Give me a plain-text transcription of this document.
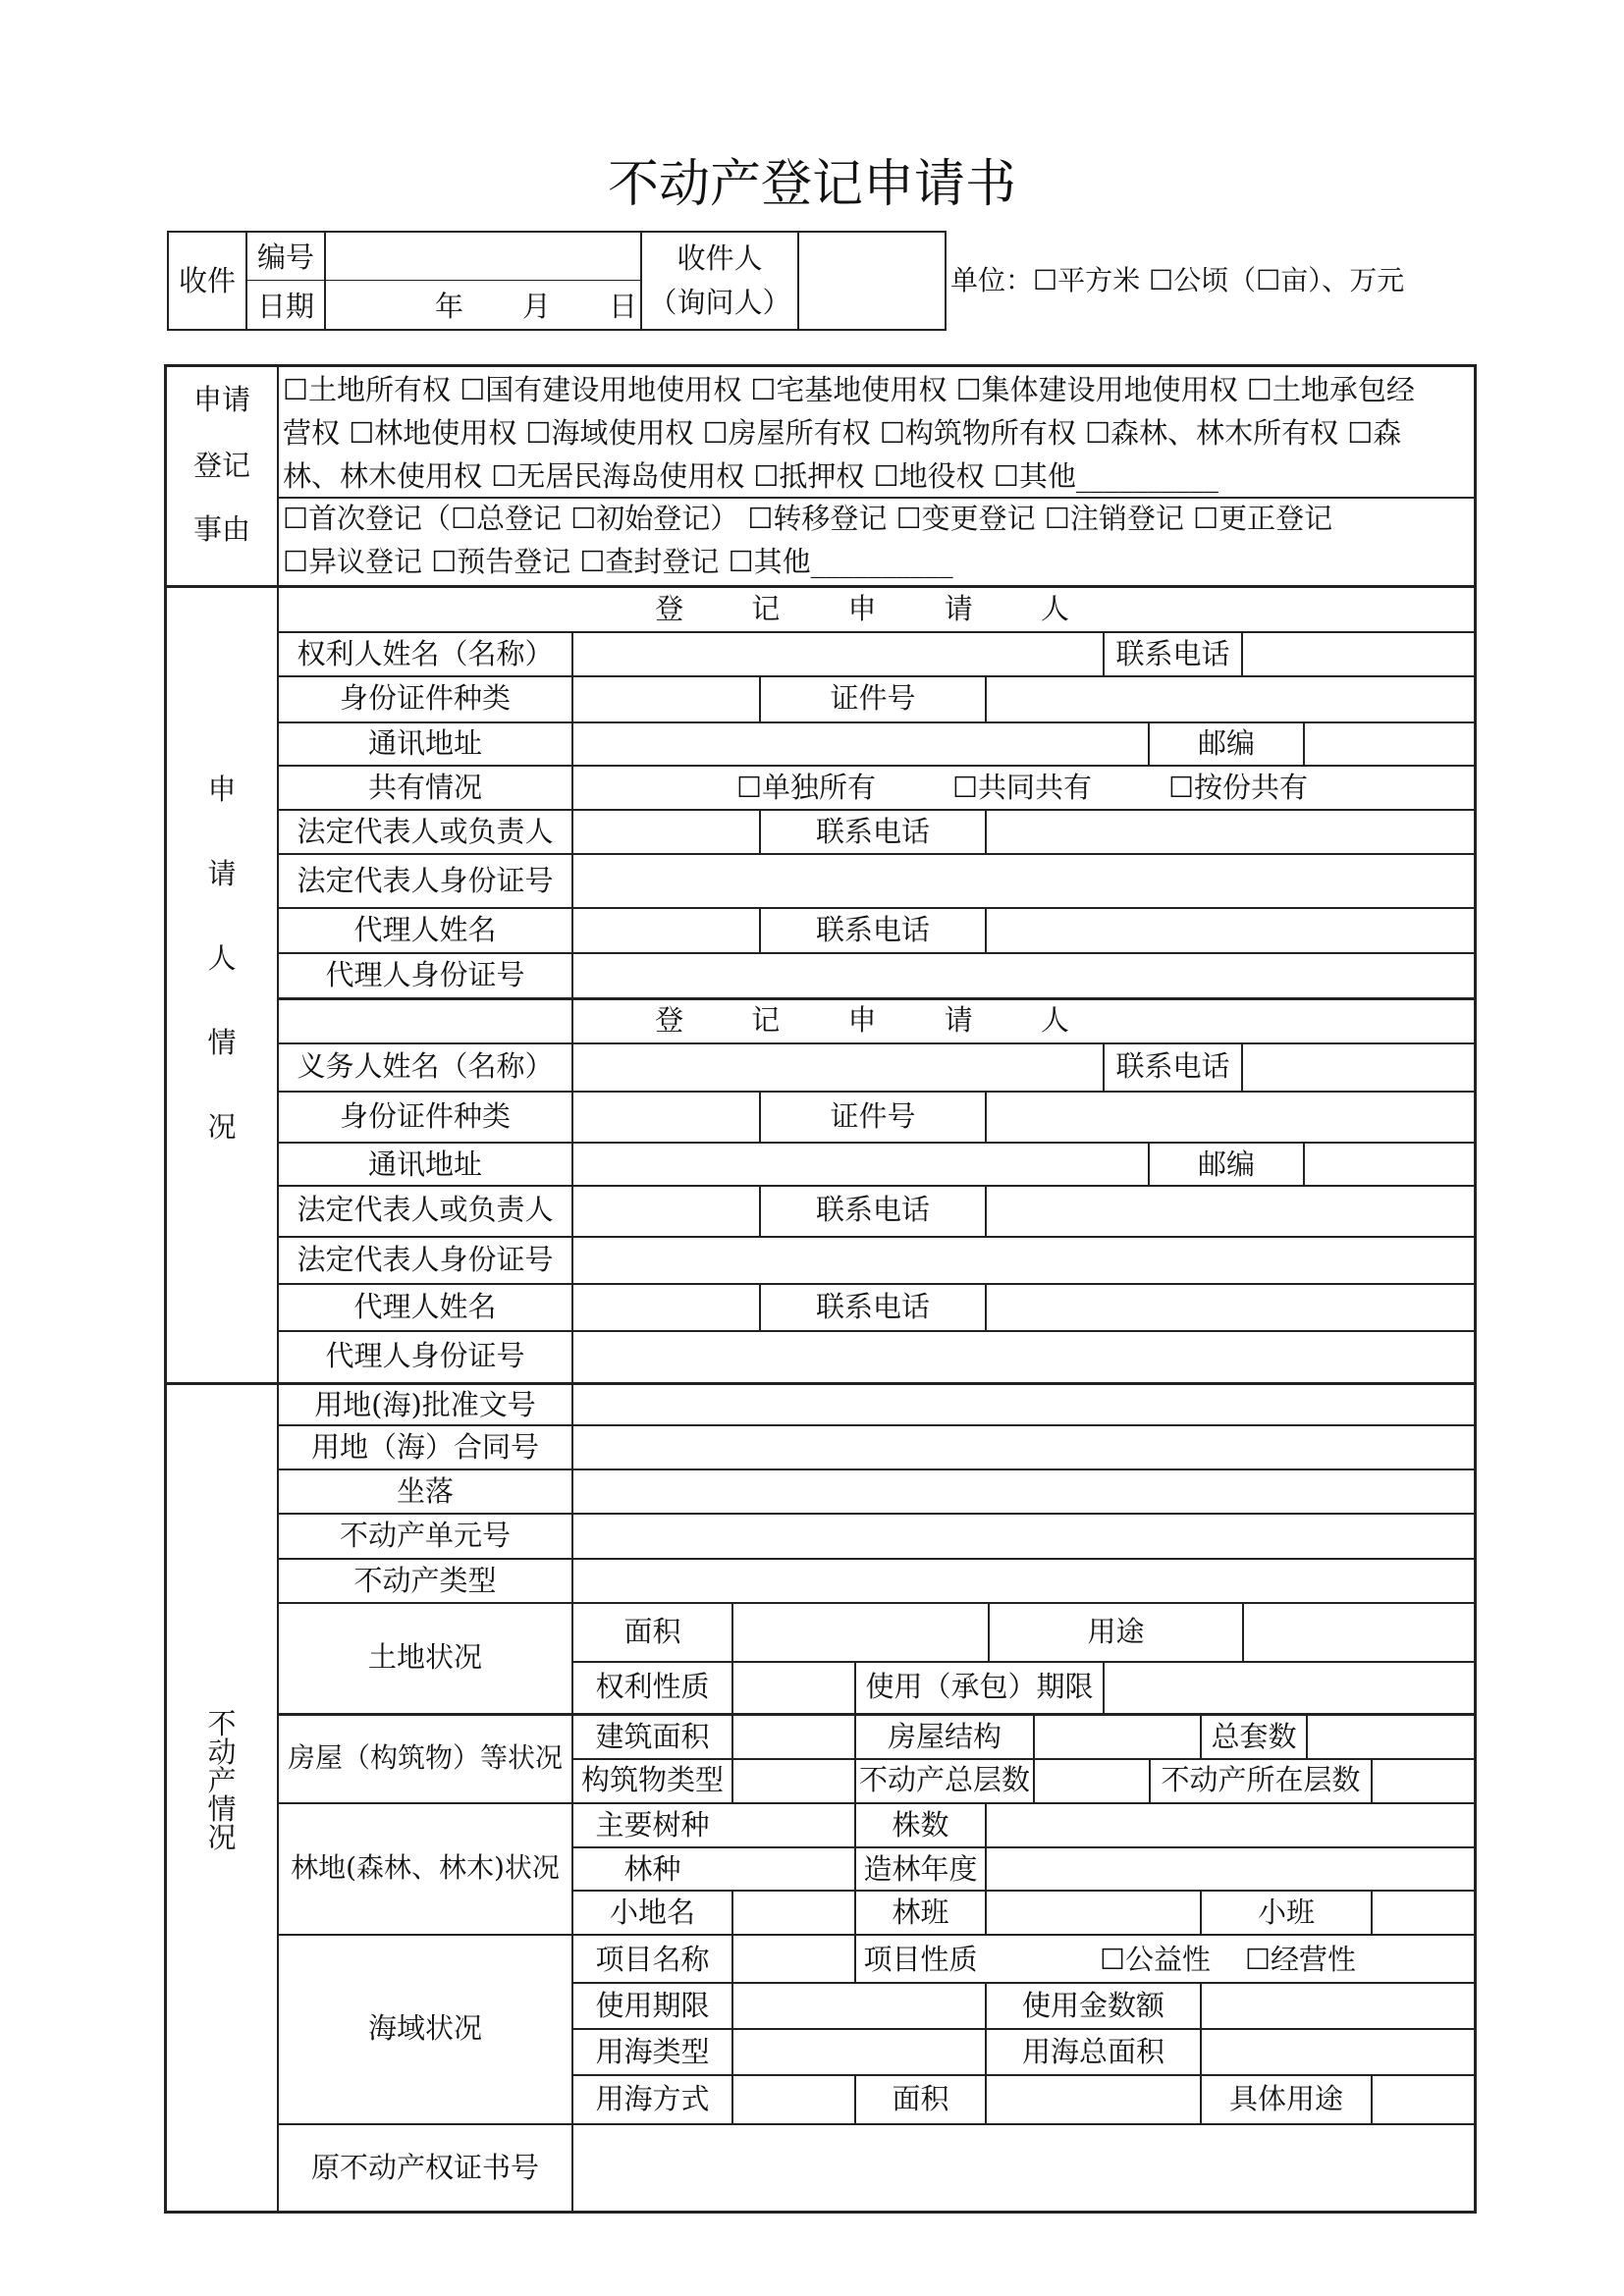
不动产登记申请书
收件
编号
日期	年 月 日
收件人
（询问人）
单位：☐平方米 ☐公顷（☐亩）、万元
申请
登记
事由
☐土地所有权 ☐国有建设用地使用权 ☐宅基地使用权 ☐集体建设用地使用权 ☐土地承包经
营权 ☐林地使用权 ☐海域使用权 ☐房屋所有权 ☐构筑物所有权 ☐森林、林木所有权 ☐森
林、林木使用权 ☐无居民海岛使用权 ☐抵押权 ☐地役权 ☐其他__________
☐首次登记（☐总登记 ☐初始登记） ☐转移登记 ☐变更登记 ☐注销登记 ☐更正登记
☐异议登记 ☐预告登记 ☐查封登记 ☐其他__________
申
请
人
情
况
登 记 申 请 人
权利人姓名（名称）	联系电话
身份证件种类	证件号
通讯地址	邮编
共有情况	☐单独所有	☐共同共有	☐按份共有
法定代表人或负责人	联系电话
法定代表人身份证号
代理人姓名	联系电话
代理人身份证号
登 记 申 请 人
义务人姓名（名称）	联系电话
身份证件种类	证件号
通讯地址	邮编
法定代表人或负责人	联系电话
法定代表人身份证号
代理人姓名	联系电话
代理人身份证号
不
动
产
情
况
用地(海)批准文号
用地（海）合同号
坐落
不动产单元号
不动产类型
土地状况
面积	用途
权利性质	使用（承包）期限
房屋（构筑物）等状况
建筑面积	房屋结构	总套数
构筑物类型	不动产总层数	不动产所在层数
林地(森林、林木)状况
主要树种	株数
林种	造林年度
小地名	林班	小班
海域状况
项目名称	项目性质	☐公益性 ☐经营性
使用期限	使用金数额
用海类型	用海总面积
用海方式	面积	具体用途
原不动产权证书号
